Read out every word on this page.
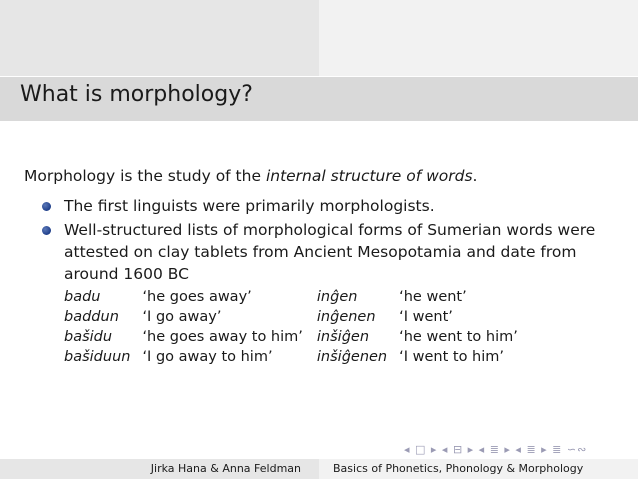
What is morphology?

Morphology is the study of the internal structure of words.

The first linguists were primarily morphologists.
Well-structured lists of morphological forms of Sumerian words were attested on clay tablets from Ancient Mesopotamia and date from around 1600 BC
badu	‘he goes away’	inĝen	‘he went’
baddun	‘I go away’	inĝenen	‘I went’
bašidu	‘he goes away to him’	inšiĝen	‘he went to him’
bašiduun	‘I go away to him’	inšiĝenen	‘I went to him’
◂ □ ▸ ◂ ⊟ ▸ ◂ ≣ ▸ ◂ ≣ ▸ ≣ ∽∾
Jirka Hana & Anna Feldman	Basics of Phonetics, Phonology & Morphology
